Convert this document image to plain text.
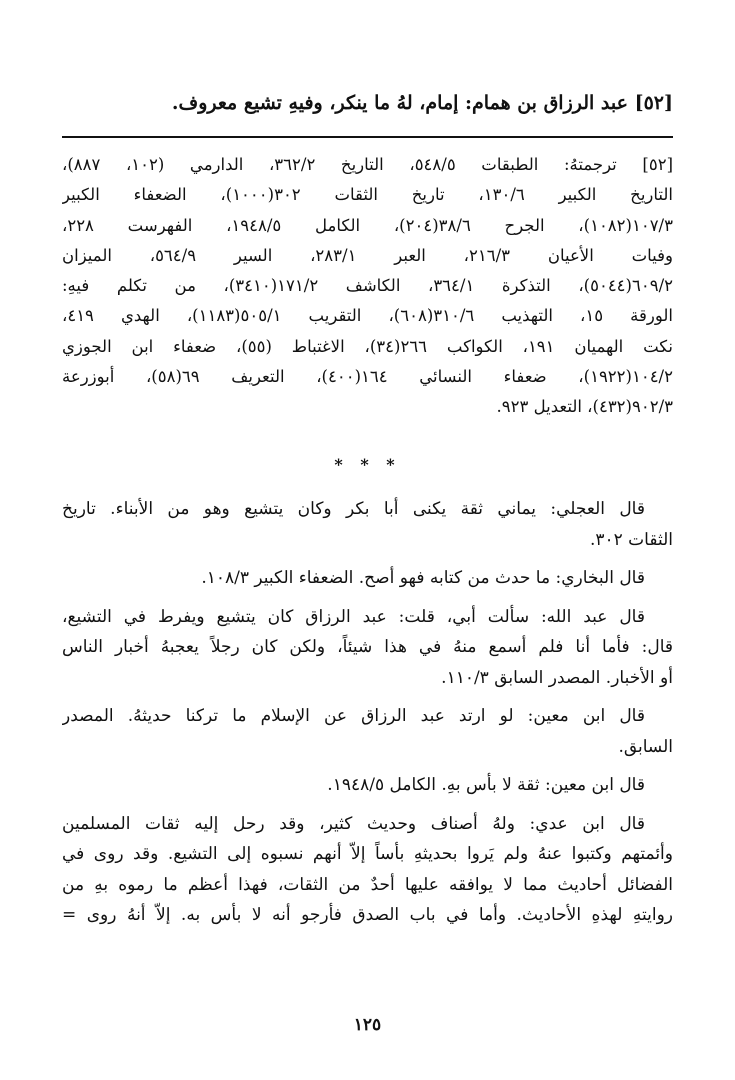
[٥٢] عبد الرزاق بن همام: إمام، لهُ ما ينكر، وفيهِ تشيع معروف.
[٥٢] ترجمتهُ: الطبقات ٥٤٨/٥، التاريخ ٣٦٢/٢، الدارمي (١٠٢، ٨٨٧)،
التاريخ الكبير ١٣٠/٦، تاريخ الثقات ٣٠٢(١٠٠٠)، الضعفاء الكبير
١٠٧/٣(١٠٨٢)، الجرح ٣٨/٦(٢٠٤)، الكامل ١٩٤٨/٥، الفهرست ٢٢٨،
وفيات الأعيان ٢١٦/٣، العبر ٢٨٣/١، السير ٥٦٤/٩، الميزان
٦٠٩/٢(٥٠٤٤)، التذكرة ٣٦٤/١، الكاشف ١٧١/٢(٣٤١٠)، من تكلم فيهِ:
الورقة ١٥، التهذيب ٣١٠/٦(٦٠٨)، التقريب ٥٠٥/١(١١٨٣)، الهدي ٤١٩،
نكت الهميان ١٩١، الكواكب ٢٦٦(٣٤)، الاغتباط (٥٥)، ضعفاء ابن الجوزي
١٠٤/٢(١٩٢٢)، ضعفاء النسائي ١٦٤(٤٠٠)، التعريف ٦٩(٥٨)، أبوزرعة
٩٠٢/٣(٤٣٢)، التعديل ٩٢٣.
* * *
قال العجلي: يماني ثقة يكنى أبا بكر وكان يتشيع وهو من الأبناء. تاريخ
الثقات ٣٠٢.
قال البخاري: ما حدث من كتابه فهو أصح. الضعفاء الكبير ١٠٨/٣.
قال عبد الله: سألت أبي، قلت: عبد الرزاق كان يتشيع ويفرط في التشيع،
قال: فأما أنا فلم أسمع منهُ في هذا شيئاً، ولكن كان رجلاً يعجبهُ أخبار الناس
أو الأخبار. المصدر السابق ١١٠/٣.
قال ابن معين: لو ارتد عبد الرزاق عن الإسلام ما تركنا حديثهُ. المصدر
السابق.
قال ابن معين: ثقة لا بأس بهِ. الكامل ١٩٤٨/٥.
قال ابن عدي: ولهُ أصناف وحديث كثير، وقد رحل إليه ثقات المسلمين
وأئمتهم وكتبوا عنهُ ولم يَروا بحديثهِ بأساً إلاّ أنهم نسبوه إلى التشيع. وقد روى في
الفضائل أحاديث مما لا يوافقه عليها أحدٌ من الثقات، فهذا أعظم ما رموه بهِ من
روايتهِ لهذهِ الأحاديث. وأما في باب الصدق فأرجو أنه لا بأس به. إلاّ أنهُ روى =
١٢٥
